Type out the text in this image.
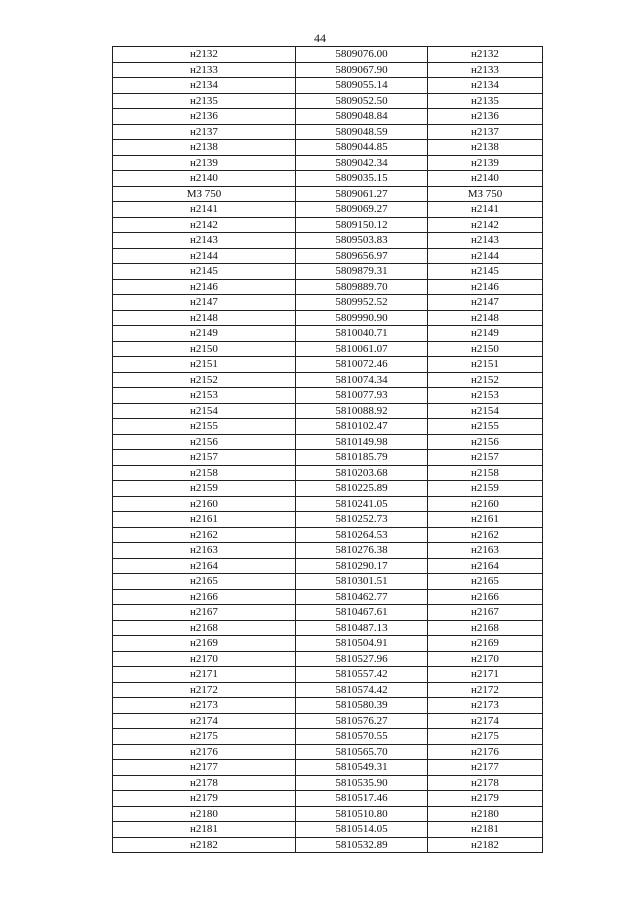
44
н2132	5809076.00	н2132
н2133	5809067.90	н2133
н2134	5809055.14	н2134
н2135	5809052.50	н2135
н2136	5809048.84	н2136
н2137	5809048.59	н2137
н2138	5809044.85	н2138
н2139	5809042.34	н2139
н2140	5809035.15	н2140
МЗ 750	5809061.27	МЗ 750
н2141	5809069.27	н2141
н2142	5809150.12	н2142
н2143	5809503.83	н2143
н2144	5809656.97	н2144
н2145	5809879.31	н2145
н2146	5809889.70	н2146
н2147	5809952.52	н2147
н2148	5809990.90	н2148
н2149	5810040.71	н2149
н2150	5810061.07	н2150
н2151	5810072.46	н2151
н2152	5810074.34	н2152
н2153	5810077.93	н2153
н2154	5810088.92	н2154
н2155	5810102.47	н2155
н2156	5810149.98	н2156
н2157	5810185.79	н2157
н2158	5810203.68	н2158
н2159	5810225.89	н2159
н2160	5810241.05	н2160
н2161	5810252.73	н2161
н2162	5810264.53	н2162
н2163	5810276.38	н2163
н2164	5810290.17	н2164
н2165	5810301.51	н2165
н2166	5810462.77	н2166
н2167	5810467.61	н2167
н2168	5810487.13	н2168
н2169	5810504.91	н2169
н2170	5810527.96	н2170
н2171	5810557.42	н2171
н2172	5810574.42	н2172
н2173	5810580.39	н2173
н2174	5810576.27	н2174
н2175	5810570.55	н2175
н2176	5810565.70	н2176
н2177	5810549.31	н2177
н2178	5810535.90	н2178
н2179	5810517.46	н2179
н2180	5810510.80	н2180
н2181	5810514.05	н2181
н2182	5810532.89	н2182
